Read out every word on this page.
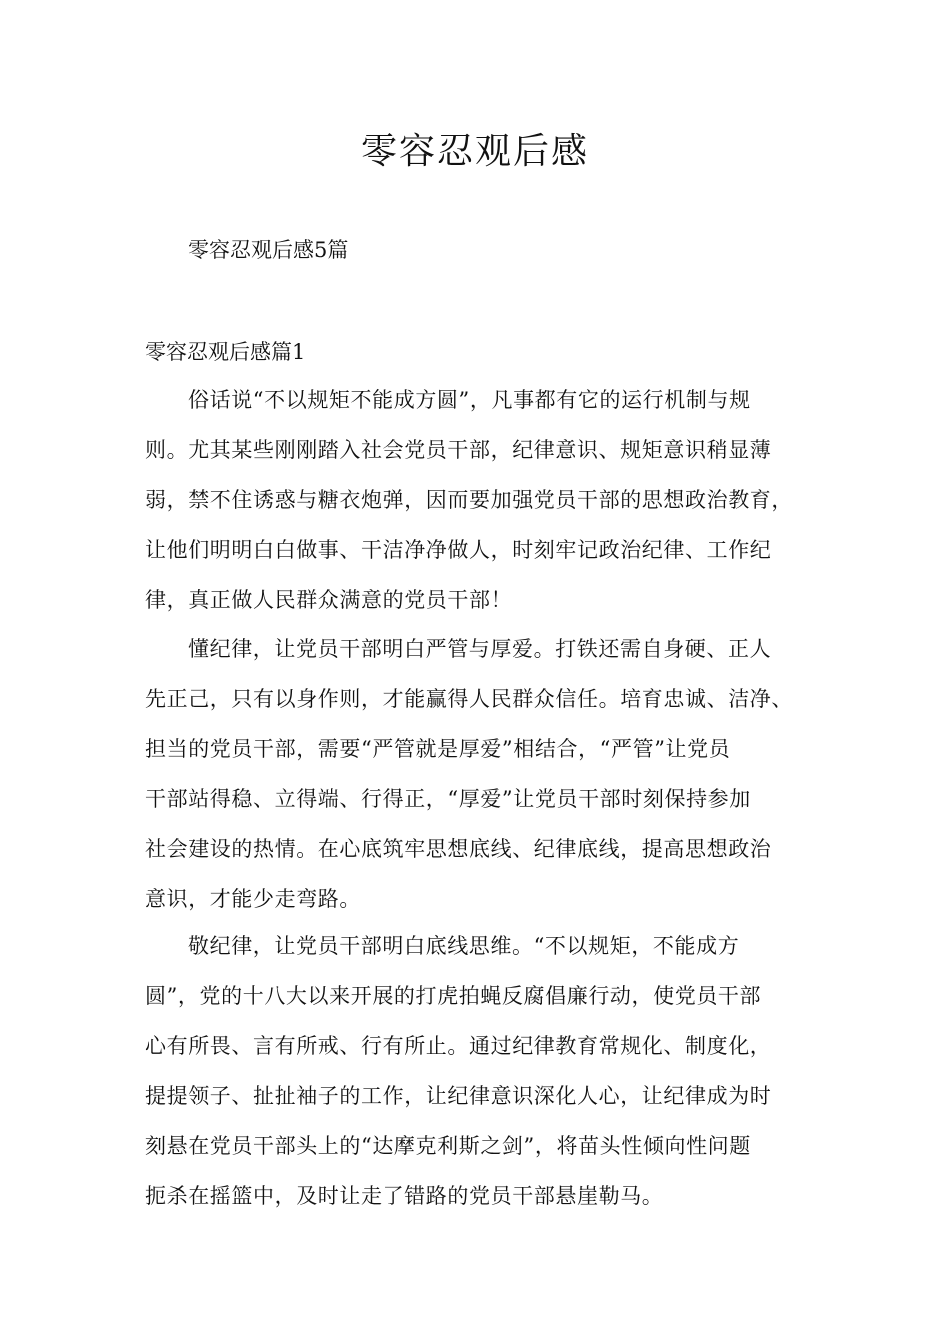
零容忍观后感
零容忍观后感5篇
零容忍观后感篇1
俗话说“不以规矩不能成方圆”，凡事都有它的运行机制与规
则。尤其某些刚刚踏入社会党员干部，纪律意识、规矩意识稍显薄
弱，禁不住诱惑与糖衣炮弹，因而要加强党员干部的思想政治教育，
让他们明明白白做事、干洁净净做人，时刻牢记政治纪律、工作纪
律，真正做人民群众满意的党员干部！
懂纪律，让党员干部明白严管与厚爱。打铁还需自身硬、正人
先正己，只有以身作则，才能赢得人民群众信任。培育忠诚、洁净、
担当的党员干部，需要“严管就是厚爱”相结合，“严管”让党员
干部站得稳、立得端、行得正，“厚爱”让党员干部时刻保持参加
社会建设的热情。在心底筑牢思想底线、纪律底线，提高思想政治
意识，才能少走弯路。
敬纪律，让党员干部明白底线思维。“不以规矩，不能成方
圆”，党的十八大以来开展的打虎拍蝇反腐倡廉行动，使党员干部
心有所畏、言有所戒、行有所止。通过纪律教育常规化、制度化，
提提领子、扯扯袖子的工作，让纪律意识深化人心，让纪律成为时
刻悬在党员干部头上的“达摩克利斯之剑”，将苗头性倾向性问题
扼杀在摇篮中，及时让走了错路的党员干部悬崖勒马。
